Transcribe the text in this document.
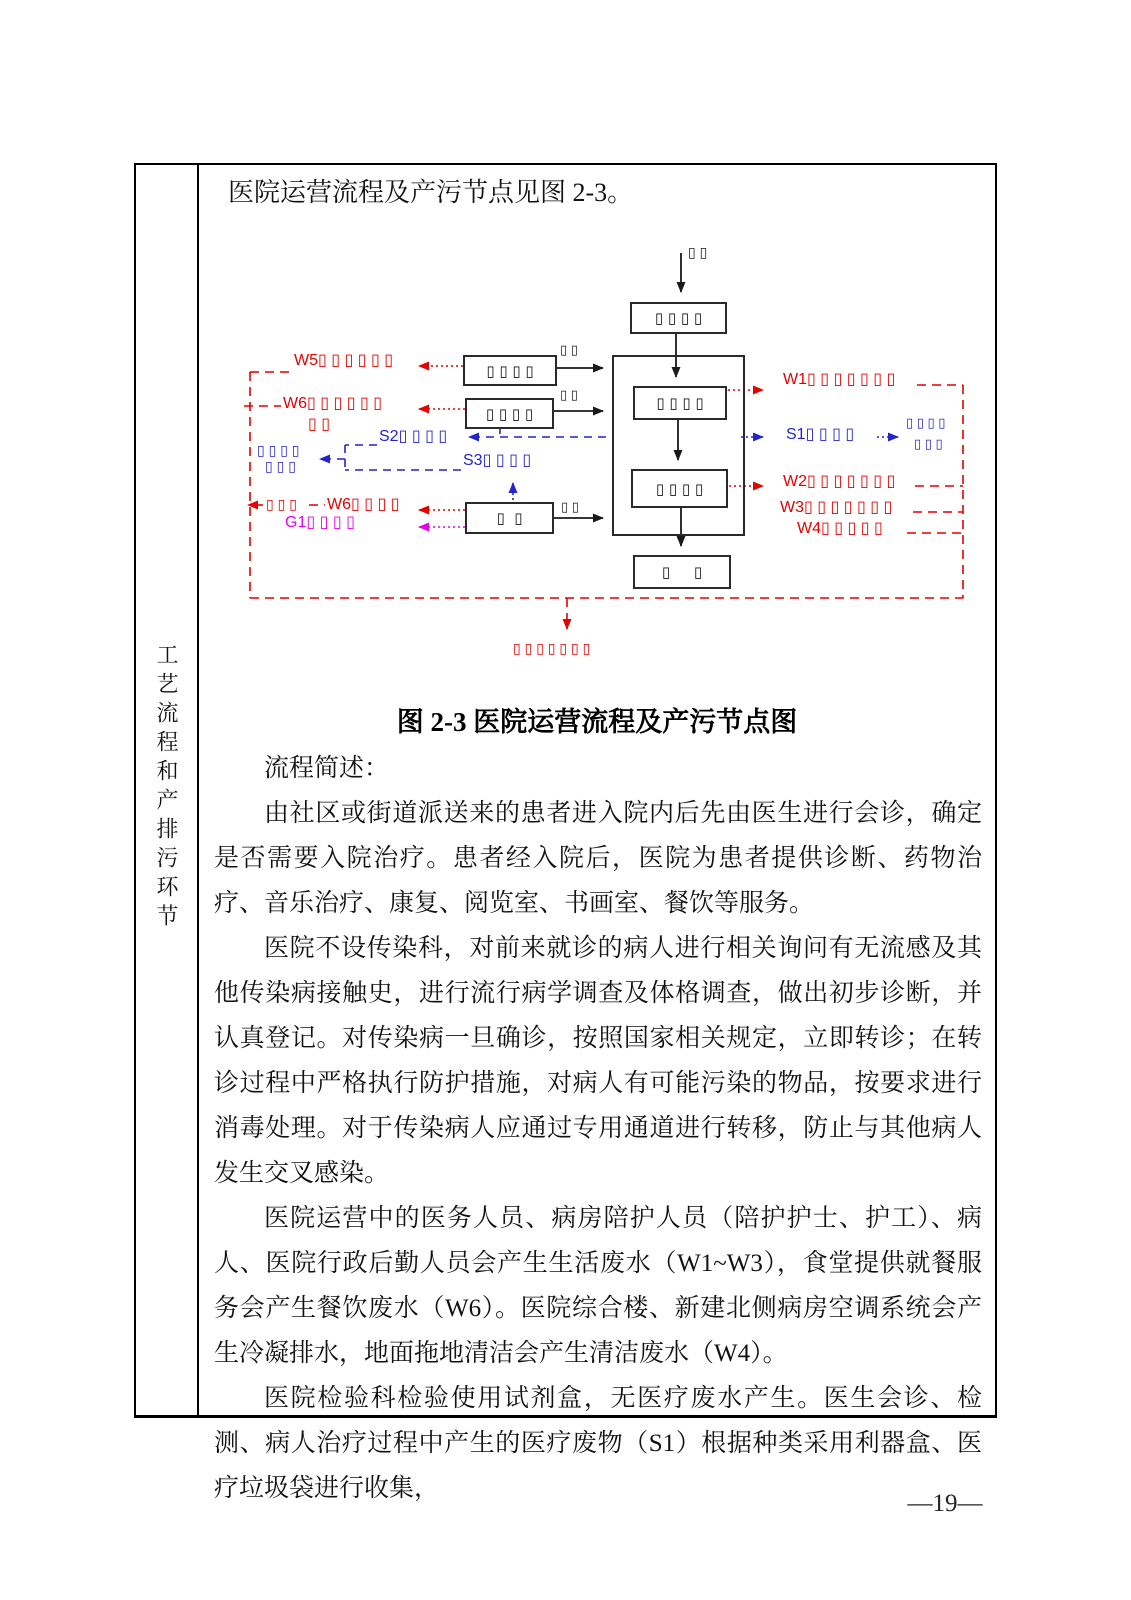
工艺流程和产排污环节
医院运营流程及产污节点见图 2-3。
▯ ▯ ▯ ▯
▯ ▯ ▯ ▯
▯ ▯ ▯ ▯
▯     ▯
▯ ▯ ▯ ▯
▯ ▯ ▯ ▯
▯  ▯
▯ ▯
▯ ▯
▯ ▯
▯ ▯
W5▯ ▯ ▯ ▯ ▯ ▯
W6▯ ▯ ▯ ▯ ▯ ▯
▯ ▯
S2▯ ▯ ▯ ▯
▯ ▯ ▯ ▯
▯ ▯ ▯	S3▯ ▯ ▯ ▯
▯ ▯ ▯ W6▯ ▯ ▯ ▯
G1▯ ▯ ▯ ▯
W1▯ ▯ ▯ ▯ ▯ ▯ ▯
S1▯ ▯ ▯ ▯
▯ ▯ ▯ ▯
▯ ▯ ▯
W2▯ ▯ ▯ ▯ ▯ ▯ ▯
W3▯ ▯ ▯ ▯ ▯ ▯ ▯
W4▯ ▯ ▯ ▯ ▯
▯ ▯ ▯ ▯ ▯ ▯ ▯
图 2-3 医院运营流程及产污节点图

流程简述：

由社区或街道派送来的患者进入院内后先由医生进行会诊，确定是否需要入院治疗。患者经入院后，医院为患者提供诊断、药物治疗、音乐治疗、康复、阅览室、书画室、餐饮等服务。

医院不设传染科，对前来就诊的病人进行相关询问有无流感及其他传染病接触史，进行流行病学调查及体格调查，做出初步诊断，并认真登记。对传染病一旦确诊，按照国家相关规定，立即转诊；在转诊过程中严格执行防护措施，对病人有可能污染的物品，按要求进行消毒处理。对于传染病人应通过专用通道进行转移，防止与其他病人发生交叉感染。

医院运营中的医务人员、病房陪护人员（陪护护士、护工）、病人、医院行政后勤人员会产生生活废水（W1~W3），食堂提供就餐服务会产生餐饮废水（W6）。医院综合楼、新建北侧病房空调系统会产生冷凝排水，地面拖地清洁会产生清洁废水（W4）。

医院检验科检验使用试剂盒，无医疗废水产生。医生会诊、检测、病人治疗过程中产生的医疗废物（S1）根据种类采用利器盒、医疗垃圾袋进行收集，

—19—
